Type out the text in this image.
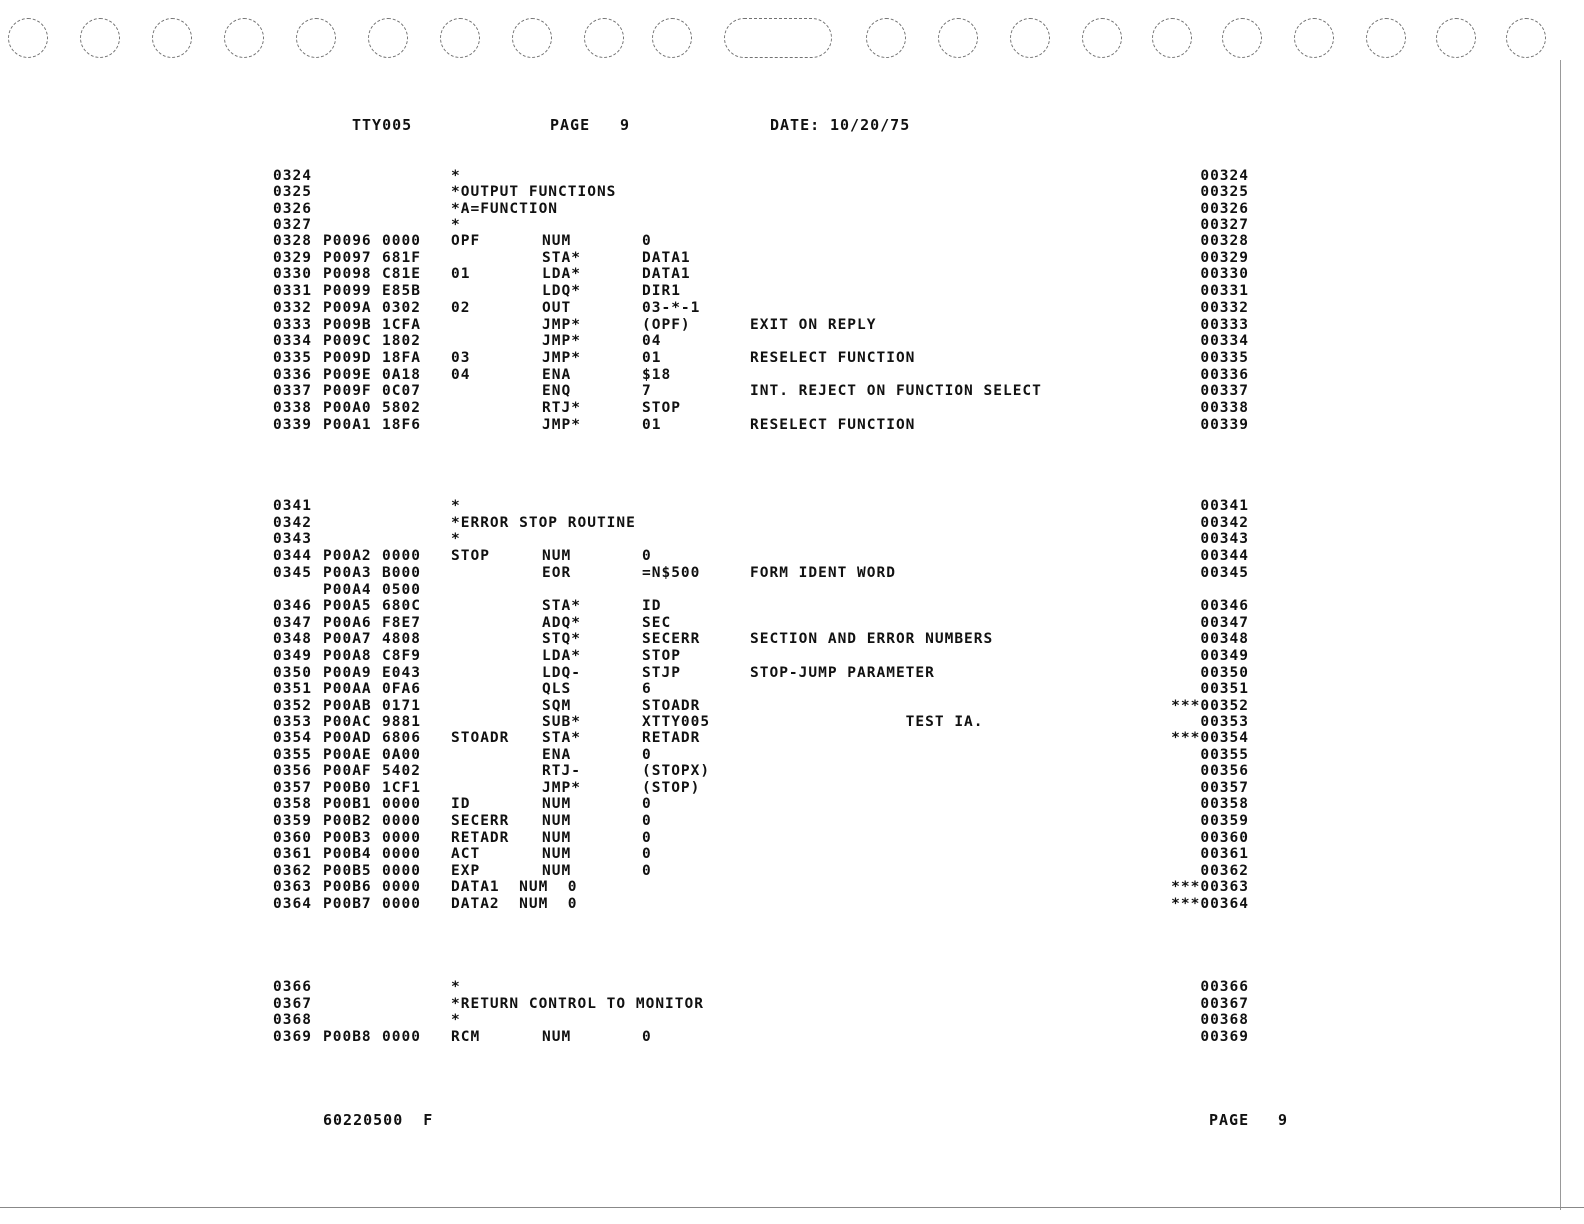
TTY005	PAGE 9	DATE: 10/20/75
0324	*	00324
0325	*OUTPUT FUNCTIONS	00325
0326	*A=FUNCTION	00326
0327	*	00327
0328 P0096 0000 OPF	NUM	0	00328
0329 P0097 681F	STA*	DATA1	00329
0330 P0098 C81E 01	LDA*	DATA1	00330
0331 P0099 E85B	LDQ*	DIR1	00331
0332 P009A 0302 02	OUT	03-*-1	00332
0333 P009B 1CFA	JMP*	(OPF)	EXIT ON REPLY	00333
0334 P009C 1802	JMP*	04	00334
0335 P009D 18FA 03	JMP*	01	RESELECT FUNCTION	00335
0336 P009E 0A18 04	ENA	$18	00336
0337 P009F 0C07	ENQ	7	INT. REJECT ON FUNCTION SELECT	00337
0338 P00A0 5802	RTJ*	STOP	00338
0339 P00A1 18F6	JMP*	01	RESELECT FUNCTION	00339
0341	*	00341
0342	*ERROR STOP ROUTINE	00342
0343	*	00343
0344 P00A2 0000 STOP	NUM	0	00344
0345 P00A3 B000	EOR	=N$500	FORM IDENT WORD	00345
P00A4 0500
0346 P00A5 680C	STA*	ID	00346
0347 P00A6 F8E7	ADQ*	SEC	00347
0348 P00A7 4808	STQ*	SECERR	SECTION AND ERROR NUMBERS	00348
0349 P00A8 C8F9	LDA*	STOP	00349
0350 P00A9 E043	LDQ-	STJP	STOP-JUMP PARAMETER	00350
0351 P00AA 0FA6	QLS	6	00351
0352 P00AB 0171	SQM	STOADR	***00352
0353 P00AC 9881	SUB*	XTTY005	TEST IA.	00353
0354 P00AD 6806 STOADR STA*	RETADR	***00354
0355 P00AE 0A00	ENA	0	00355
0356 P00AF 5402	RTJ-	(STOPX)	00356
0357 P00B0 1CF1	JMP*	(STOP)	00357
0358 P00B1 0000 ID	NUM	0	00358
0359 P00B2 0000 SECERR NUM	0	00359
0360 P00B3 0000 RETADR NUM	0	00360
0361 P00B4 0000 ACT	NUM	0	00361
0362 P00B5 0000 EXP	NUM	0	00362
0363 P00B6 0000 DATA1  NUM  0	***00363
0364 P00B7 0000 DATA2  NUM  0	***00364
0366	*	00366
0367	*RETURN CONTROL TO MONITOR	00367
0368	*	00368
0369 P00B8 0000 RCM	NUM	0	00369
60220500  F	PAGE 9
